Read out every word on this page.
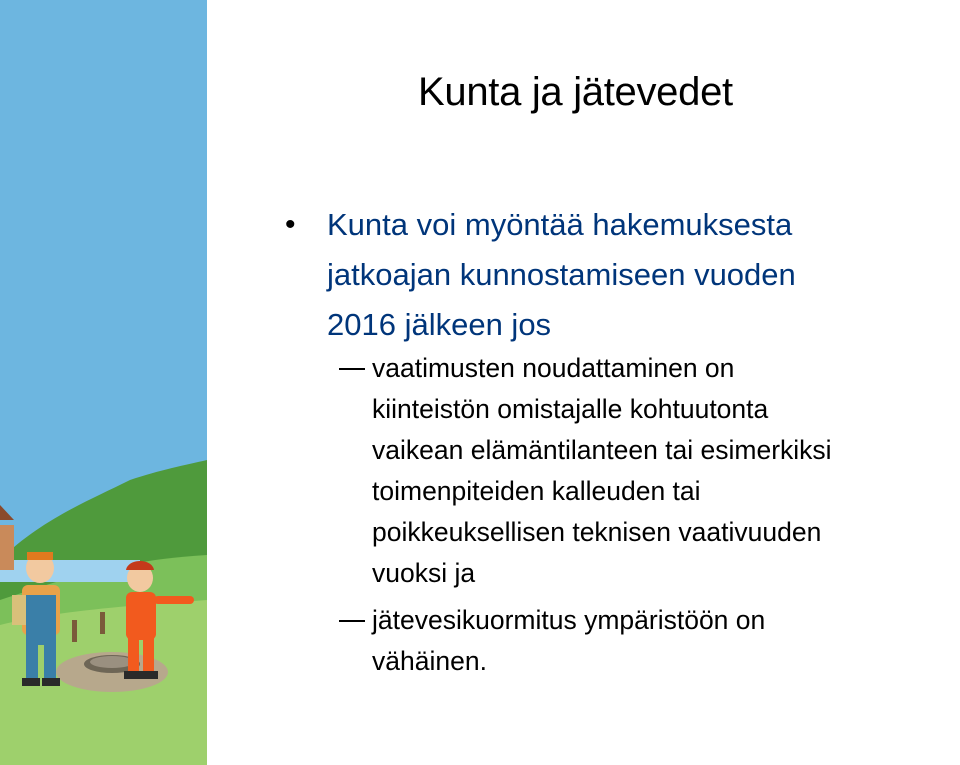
Kunta ja jätevedet
• Kunta voi myöntää hakemuksesta
jatkoajan kunnostamiseen vuoden
2016 jälkeen jos
vaatimusten noudattaminen on
kiinteistön omistajalle kohtuutonta
vaikean elämäntilanteen tai esimerkiksi
toimenpiteiden kalleuden tai
poikkeuksellisen teknisen vaativuuden
vuoksi ja
jätevesikuormitus ympäristöön on
vähäinen.
